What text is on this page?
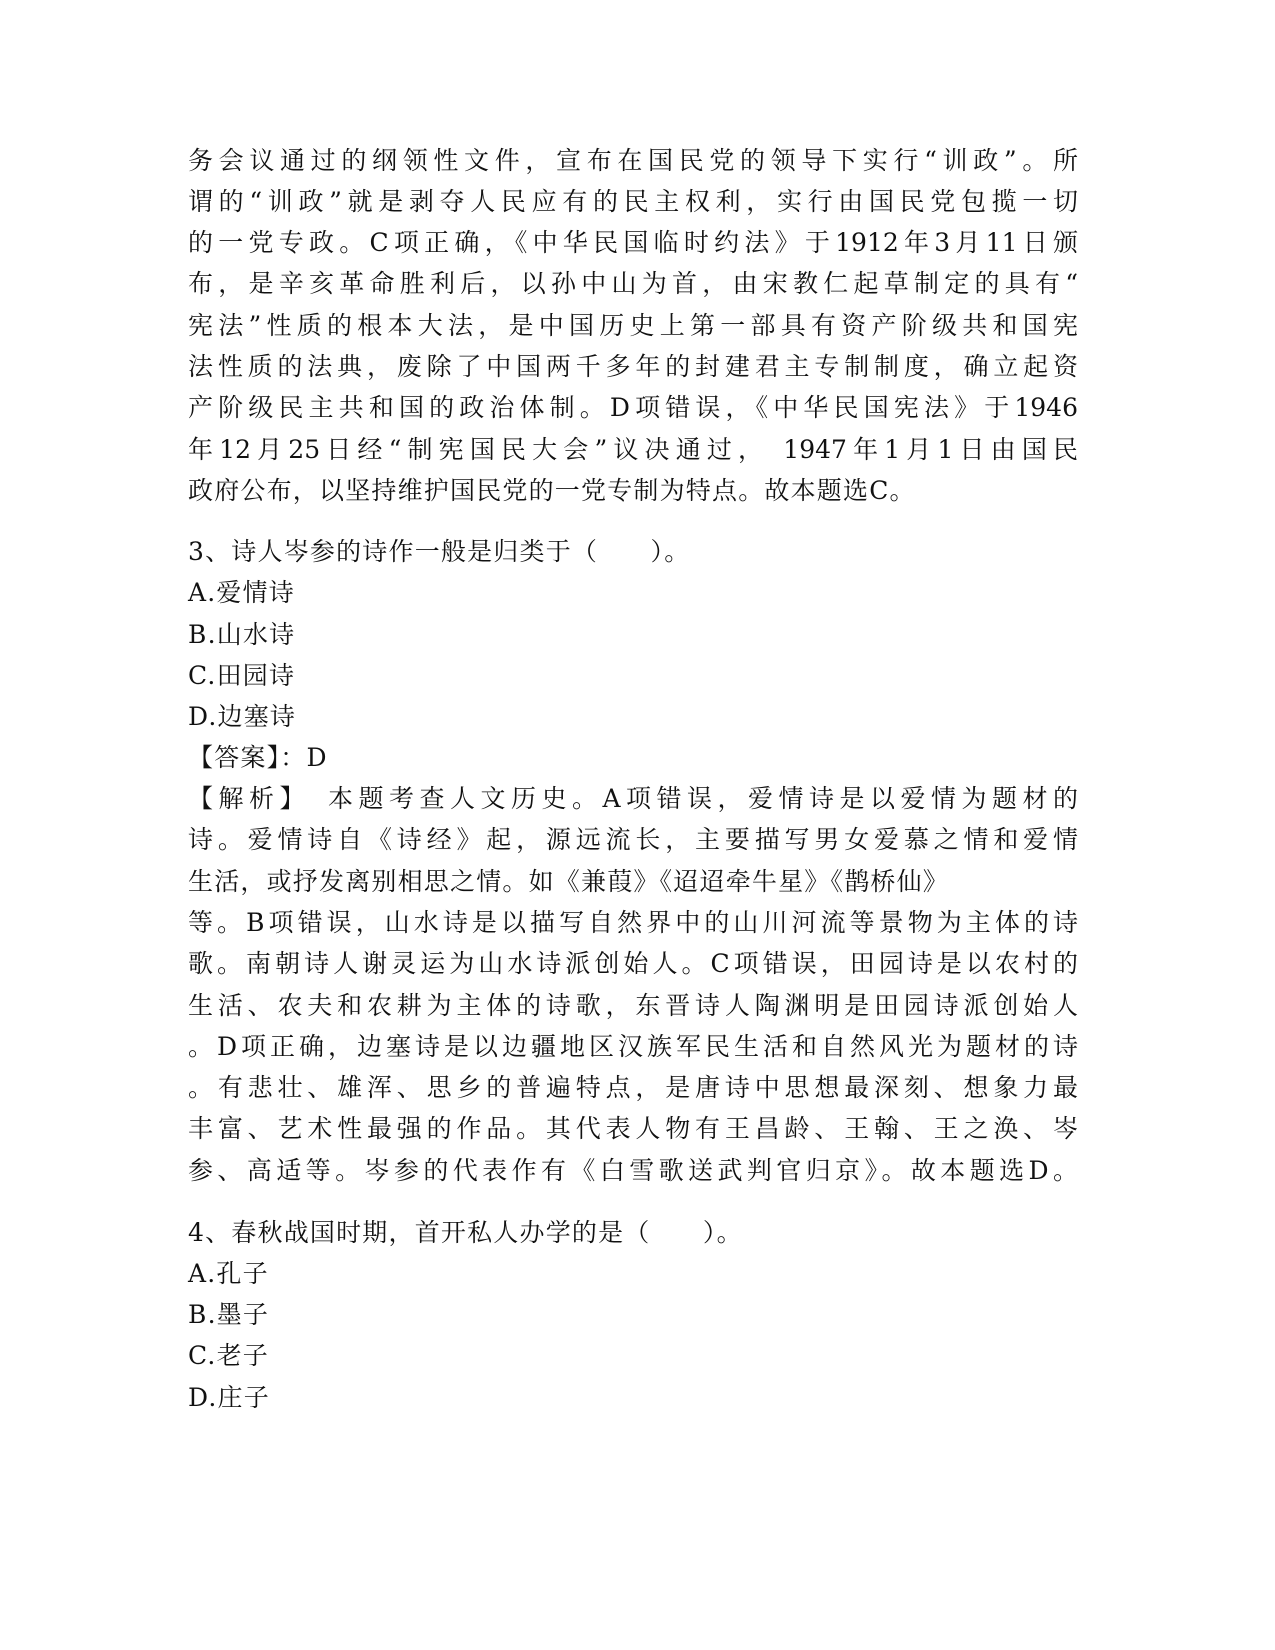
务会议通过的纲领性文件，宣布在国民党的领导下实行“训政”。所
谓的“训政”就是剥夺人民应有的民主权利，实行由国民党包揽一切
的一党专政。C项正确，《中华民国临时约法》于1912年3月11日颁
布，是辛亥革命胜利后，以孙中山为首，由宋教仁起草制定的具有“
宪法”性质的根本大法，是中国历史上第一部具有资产阶级共和国宪
法性质的法典，废除了中国两千多年的封建君主专制制度，确立起资
产阶级民主共和国的政治体制。D项错误，《中华民国宪法》于1946
年12月25日经“制宪国民大会”议决通过， 1947年1月1日由国民
政府公布，以坚持维护国民党的一党专制为特点。故本题选C。
3、诗人岑参的诗作一般是归类于（　　）。
A.爱情诗
B.山水诗
C.田园诗
D.边塞诗
【答案】：D
【解析】　本题考查人文历史。A项错误，爱情诗是以爱情为题材的
诗。爱情诗自《诗经》起，源远流长，主要描写男女爱慕之情和爱情
生活，或抒发离别相思之情。如《兼葭》《迢迢牵牛星》《鹊桥仙》
等。B项错误，山水诗是以描写自然界中的山川河流等景物为主体的诗
歌。南朝诗人谢灵运为山水诗派创始人。C项错误，田园诗是以农村的
生活、农夫和农耕为主体的诗歌，东晋诗人陶渊明是田园诗派创始人
。D项正确，边塞诗是以边疆地区汉族军民生活和自然风光为题材的诗
。有悲壮、雄浑、思乡的普遍特点，是唐诗中思想最深刻、想象力最
丰富、艺术性最强的作品。其代表人物有王昌龄、王翰、王之涣、岑
参、高适等。岑参的代表作有《白雪歌送武判官归京》。故本题选D。
4、春秋战国时期，首开私人办学的是（　　）。
A.孔子
B.墨子
C.老子
D.庄子
